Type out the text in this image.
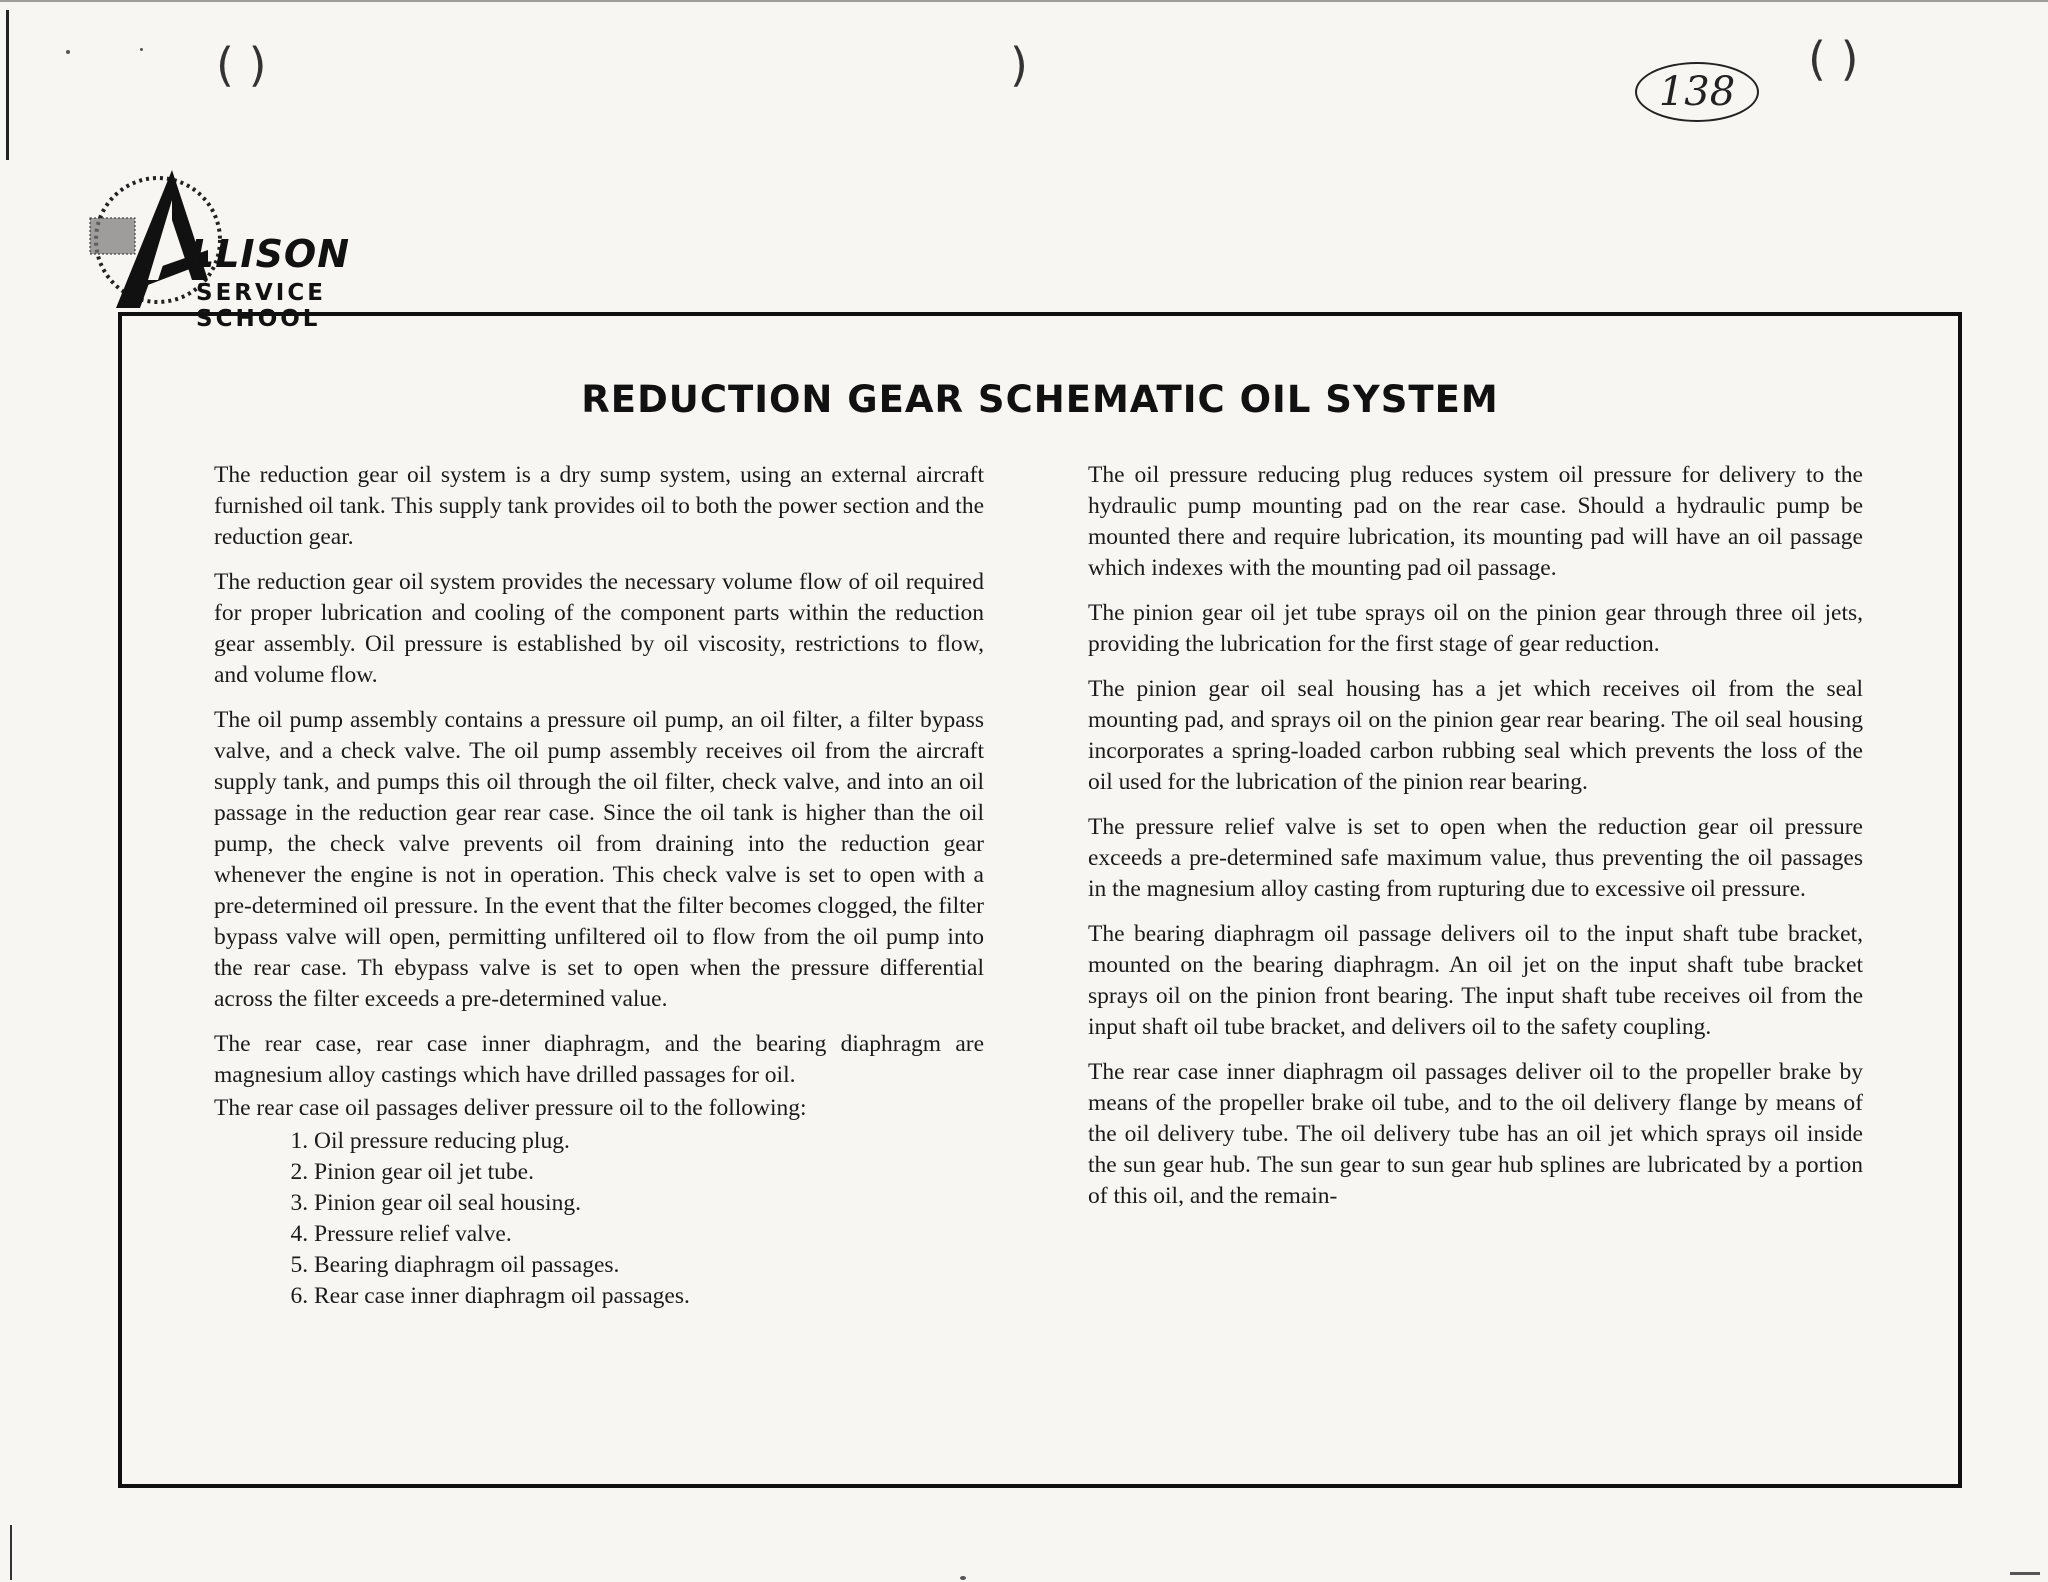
( )	)	( )
138
LLISON
SERVICE SCHOOL
REDUCTION GEAR SCHEMATIC OIL SYSTEM

The reduction gear oil system is a dry sump system, using an external aircraft furnished oil tank. This supply tank provides oil to both the power section and the reduction gear.

The reduction gear oil system provides the necessary volume flow of oil required for proper lubrication and cooling of the component parts within the reduction gear assembly. Oil pressure is established by oil viscosity, restrictions to flow, and volume flow.

The oil pump assembly contains a pressure oil pump, an oil filter, a filter bypass valve, and a check valve. The oil pump assembly receives oil from the aircraft supply tank, and pumps this oil through the oil filter, check valve, and into an oil passage in the reduction gear rear case. Since the oil tank is higher than the oil pump, the check valve prevents oil from draining into the reduction gear whenever the engine is not in operation. This check valve is set to open with a pre-determined oil pressure. In the event that the filter becomes clogged, the filter bypass valve will open, permitting unfiltered oil to flow from the oil pump into the rear case. Th ebypass valve is set to open when the pressure differential across the filter exceeds a pre-determined value.

The rear case, rear case inner diaphragm, and the bearing diaphragm are magnesium alloy castings which have drilled passages for oil.

The rear case oil passages deliver pressure oil to the following:

1. Oil pressure reducing plug.
2. Pinion gear oil jet tube.
3. Pinion gear oil seal housing.
4. Pressure relief valve.
5. Bearing diaphragm oil passages.
6. Rear case inner diaphragm oil passages.

The oil pressure reducing plug reduces system oil pressure for delivery to the hydraulic pump mounting pad on the rear case. Should a hydraulic pump be mounted there and require lubrication, its mounting pad will have an oil passage which indexes with the mounting pad oil passage.

The pinion gear oil jet tube sprays oil on the pinion gear through three oil jets, providing the lubrication for the first stage of gear reduction.

The pinion gear oil seal housing has a jet which receives oil from the seal mounting pad, and sprays oil on the pinion gear rear bearing. The oil seal housing incorporates a spring-loaded carbon rubbing seal which prevents the loss of the oil used for the lubrication of the pinion rear bearing.

The pressure relief valve is set to open when the reduction gear oil pressure exceeds a pre-determined safe maximum value, thus preventing the oil passages in the magnesium alloy casting from rupturing due to excessive oil pressure.

The bearing diaphragm oil passage delivers oil to the input shaft tube bracket, mounted on the bearing diaphragm. An oil jet on the input shaft tube bracket sprays oil on the pinion front bearing. The input shaft tube receives oil from the input shaft oil tube bracket, and delivers oil to the safety coupling.

The rear case inner diaphragm oil passages deliver oil to the propeller brake by means of the propeller brake oil tube, and to the oil delivery flange by means of the oil delivery tube. The oil delivery tube has an oil jet which sprays oil inside the sun gear hub. The sun gear to sun gear hub splines are lubricated by a portion of this oil, and the remain-
